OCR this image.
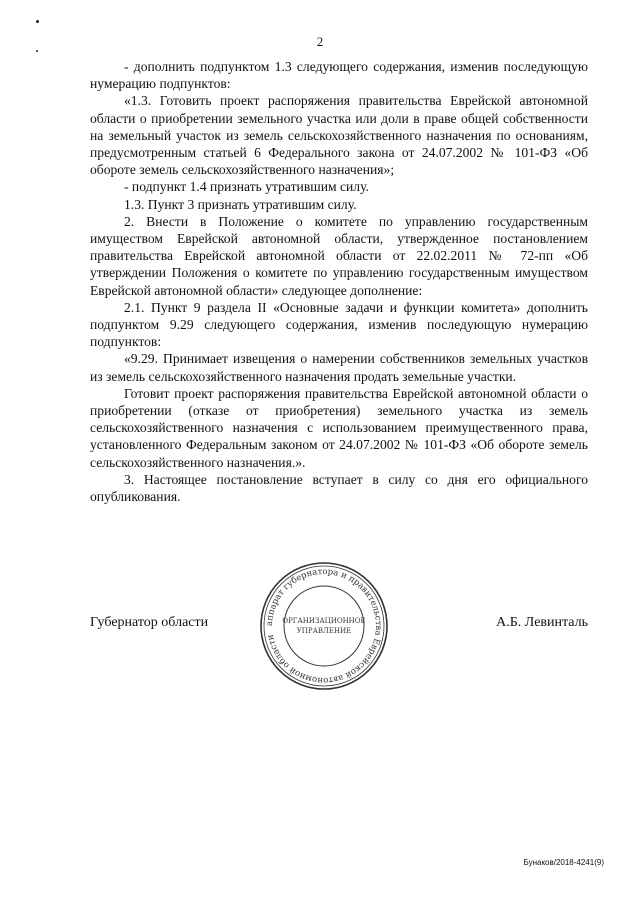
2

- дополнить подпунктом 1.3 следующего содержания, изменив последующую нумерацию подпунктов:

«1.3. Готовить проект распоряжения правительства Еврейской автономной области о приобретении земельного участка или доли в праве общей собственности на земельный участок из земель сельскохозяйственного назначения по основаниям, предусмотренным статьей 6 Федерального закона от 24.07.2002 № 101-ФЗ «Об обороте земель сельскохозяйственного назначения»;

- подпункт 1.4 признать утратившим силу.

1.3. Пункт 3 признать утратившим силу.

2. Внести в Положение о комитете по управлению государственным имуществом Еврейской автономной области, утвержденное постановлением правительства Еврейской автономной области от 22.02.2011 № 72-пп «Об утверждении Положения о комитете по управлению государственным имуществом Еврейской автономной области» следующее дополнение:

2.1. Пункт 9 раздела II «Основные задачи и функции комитета» дополнить подпунктом 9.29 следующего содержания, изменив последующую нумерацию подпунктов:

«9.29. Принимает извещения о намерении собственников земельных участков из земель сельскохозяйственного назначения продать земельные участки.

Готовит проект распоряжения правительства Еврейской автономной области о приобретении (отказе от приобретения) земельного участка из земель сельскохозяйственного назначения с использованием преимущественного права, установленного Федеральным законом от 24.07.2002 № 101-ФЗ «Об обороте земель сельскохозяйственного назначения.».

3. Настоящее постановление вступает в силу со дня его официального опубликования.

Губернатор области	А.Б. Левинталь
аппарат губернатора и правительства Еврейской автономной области
ОРГАНИЗАЦИОННОЕ
УПРАВЛЕНИЕ
Бунаков/2018-4241(9)
